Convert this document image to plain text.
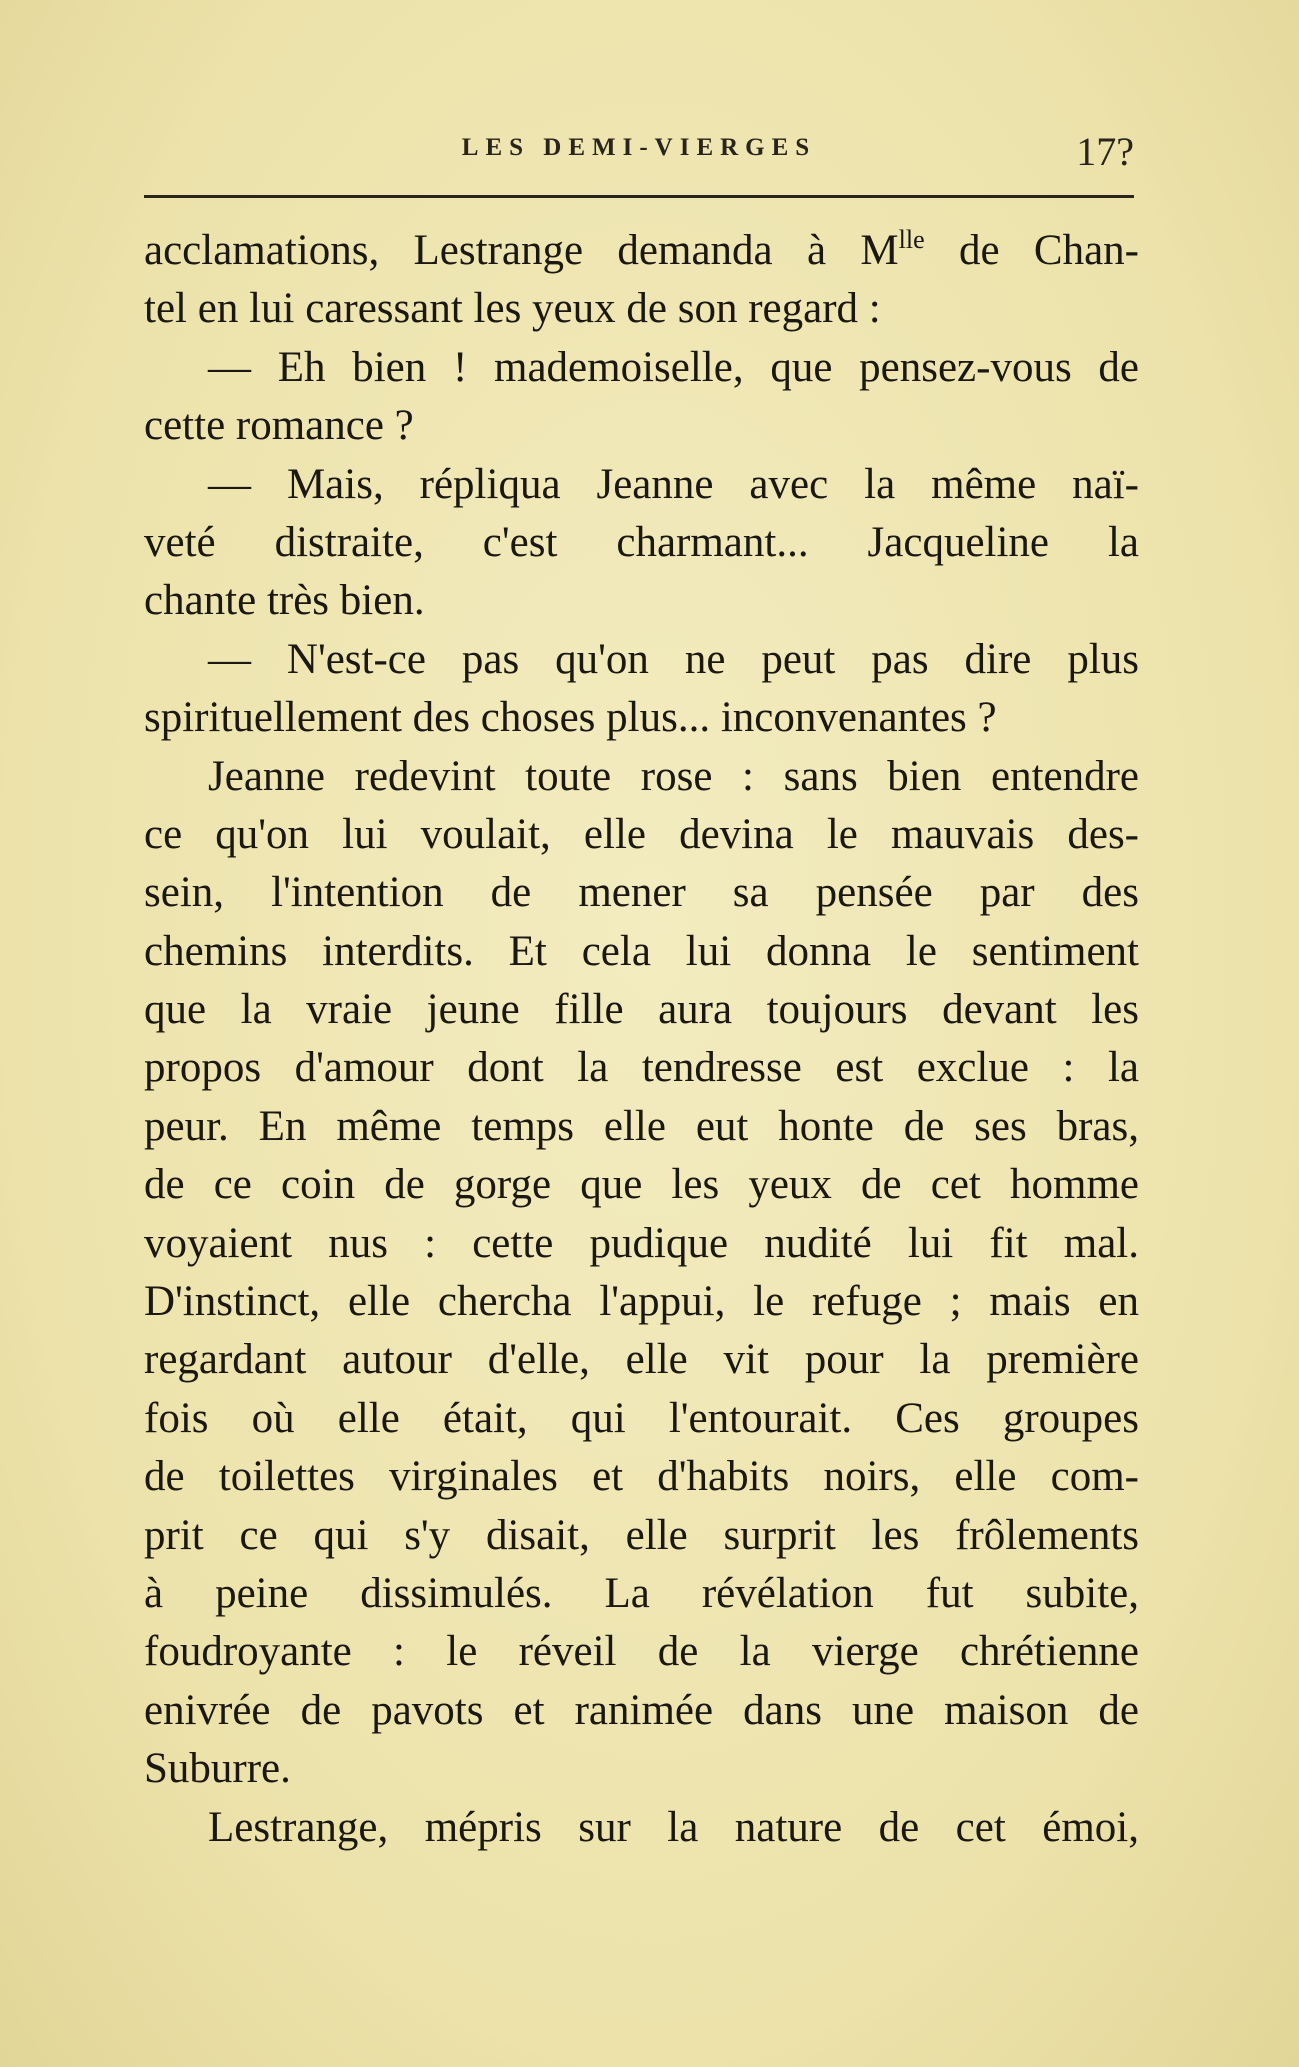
LES DEMI-VIERGES	17?
acclamations, Lestrange demanda à $M^{lle}$ de Chan-
tel en lui caressant les yeux de son regard :
— Eh bien ! mademoiselle, que pensez-vous de
cette romance ?
— Mais, répliqua Jeanne avec la même naï-
veté distraite, c'est charmant... Jacqueline la
chante très bien.
— N'est-ce pas qu'on ne peut pas dire plus
spirituellement des choses plus... inconvenantes ?
Jeanne redevint toute rose : sans bien entendre
ce qu'on lui voulait, elle devina le mauvais des-
sein, l'intention de mener sa pensée par des
chemins interdits. Et cela lui donna le sentiment
que la vraie jeune fille aura toujours devant les
propos d'amour dont la tendresse est exclue : la
peur. En même temps elle eut honte de ses bras,
de ce coin de gorge que les yeux de cet homme
voyaient nus : cette pudique nudité lui fit mal.
D'instinct, elle chercha l'appui, le refuge ; mais en
regardant autour d'elle, elle vit pour la première
fois où elle était, qui l'entourait. Ces groupes
de toilettes virginales et d'habits noirs, elle com-
prit ce qui s'y disait, elle surprit les frôlements
à peine dissimulés. La révélation fut subite,
foudroyante : le réveil de la vierge chrétienne
enivrée de pavots et ranimée dans une maison de
Suburre.
Lestrange, mépris sur la nature de cet émoi,
